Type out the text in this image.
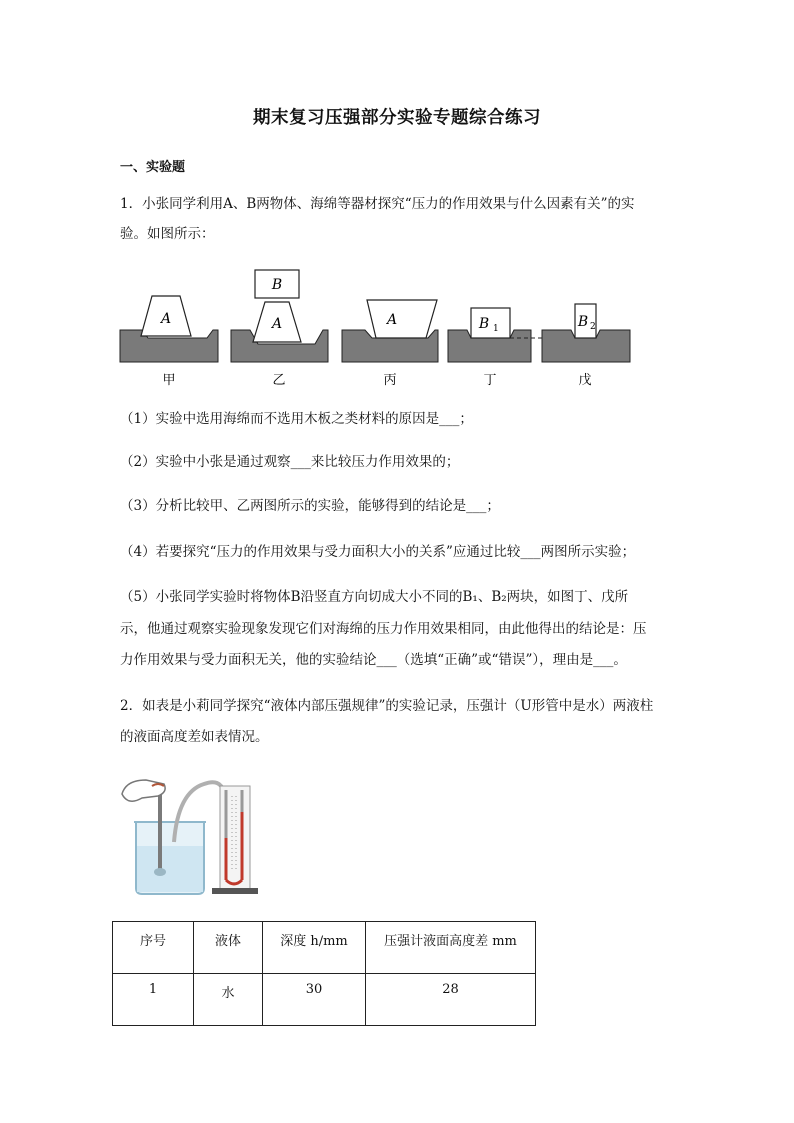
期末复习压强部分实验专题综合练习
一、实验题
1．小张同学利用A、B两物体、海绵等器材探究“压力的作用效果与什么因素有关”的实
验。如图所示：
A	A
B
A	B 1	B 2
甲	乙	丙	丁	戊
（1）实验中选用海绵而不选用木板之类材料的原因是___；
（2）实验中小张是通过观察___来比较压力作用效果的；
（3）分析比较甲、乙两图所示的实验，能够得到的结论是___；
（4）若要探究“压力的作用效果与受力面积大小的关系”应通过比较___两图所示实验；
（5）小张同学实验时将物体B沿竖直方向切成大小不同的B₁、B₂两块，如图丁、戊所
示，他通过观察实验现象发现它们对海绵的压力作用效果相同，由此他得出的结论是：压
力作用效果与受力面积无关，他的实验结论___（选填“正确”或“错误”），理由是___。
2．如表是小莉同学探究“液体内部压强规律”的实验记录，压强计（U形管中是水）两液柱
的液面高度差如表情况。
序号	液体	深度 h/mm	压强计液面高度差 mm
1	水	30	28
